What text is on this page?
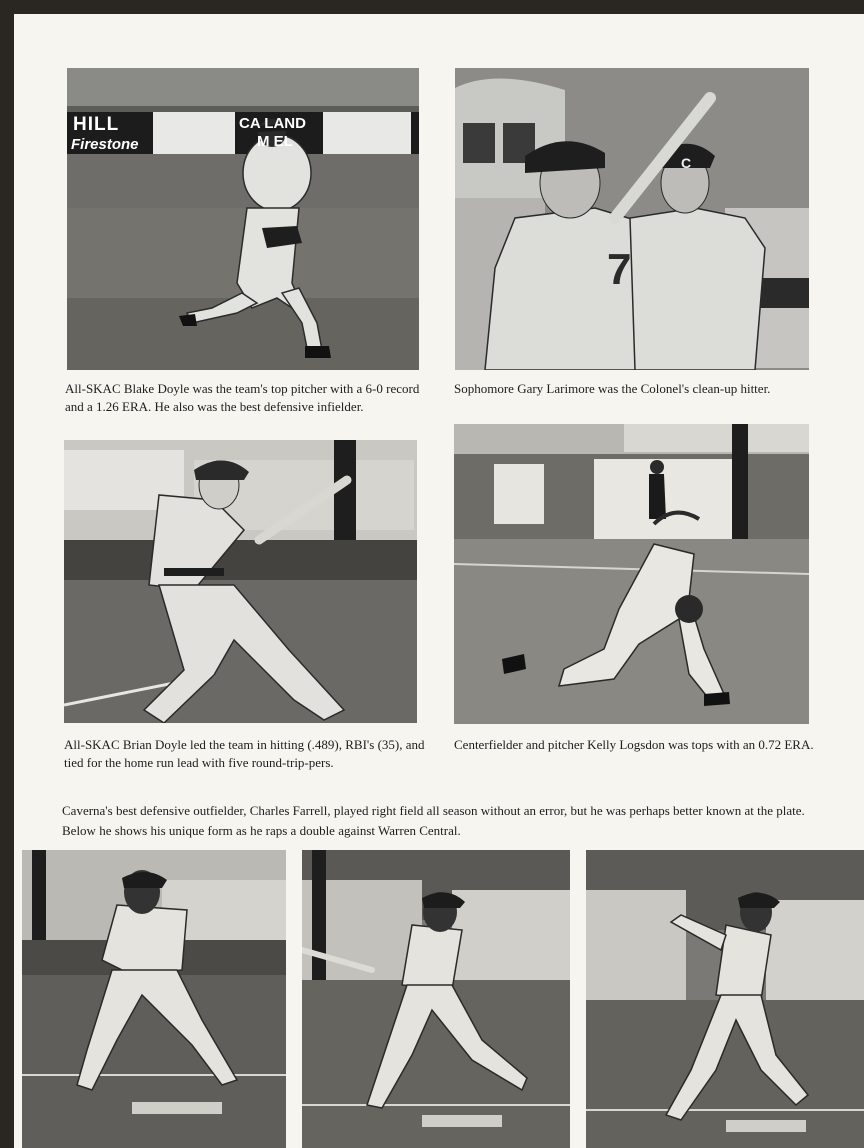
HILL
Firestone
CA LAND
M EL
7
C

All-SKAC Blake Doyle was the team's top pitcher with a 6-0 record and a 1.26 ERA. He also was the best defensive infielder.

Sophomore Gary Larimore was the Colonel's clean-up hitter.

All-SKAC Brian Doyle led the team in hitting (.489), RBI's (35), and tied for the home run lead with five round-trip-pers.

Centerfielder and pitcher Kelly Logsdon was tops with an 0.72 ERA.

Caverna's best defensive outfielder, Charles Farrell, played right field all season without an error, but he was perhaps better known at the plate. Below he shows his unique form as he raps a double against Warren Central.
